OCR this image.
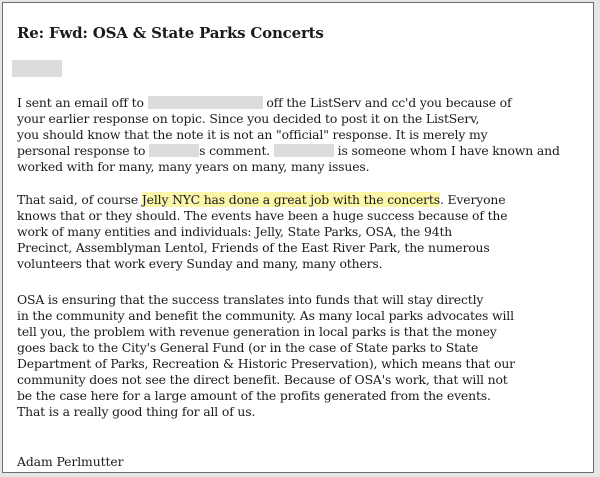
Re: Fwd: OSA & State Parks Concerts
I sent an email off to	off the ListServ and cc'd you because of
your earlier response on topic. Since you decided to post it on the ListServ,
you should know that the note it is not an "official" response. It is merely my
personal response to	s comment.	is someone whom I have known and
worked with for many, many years on many, many issues.
That said, of course Jelly NYC has done a great job with the concerts. Everyone
knows that or they should. The events have been a huge success because of the
work of many entities and individuals: Jelly, State Parks, OSA, the 94th
Precinct, Assemblyman Lentol, Friends of the East River Park, the numerous
volunteers that work every Sunday and many, many others.
OSA is ensuring that the success translates into funds that will stay directly
in the community and benefit the community. As many local parks advocates will
tell you, the problem with revenue generation in local parks is that the money
goes back to the City's General Fund (or in the case of State parks to State
Department of Parks, Recreation & Historic Preservation), which means that our
community does not see the direct benefit. Because of OSA's work, that will not
be the case here for a large amount of the profits generated from the events.
That is a really good thing for all of us.
Adam Perlmutter
